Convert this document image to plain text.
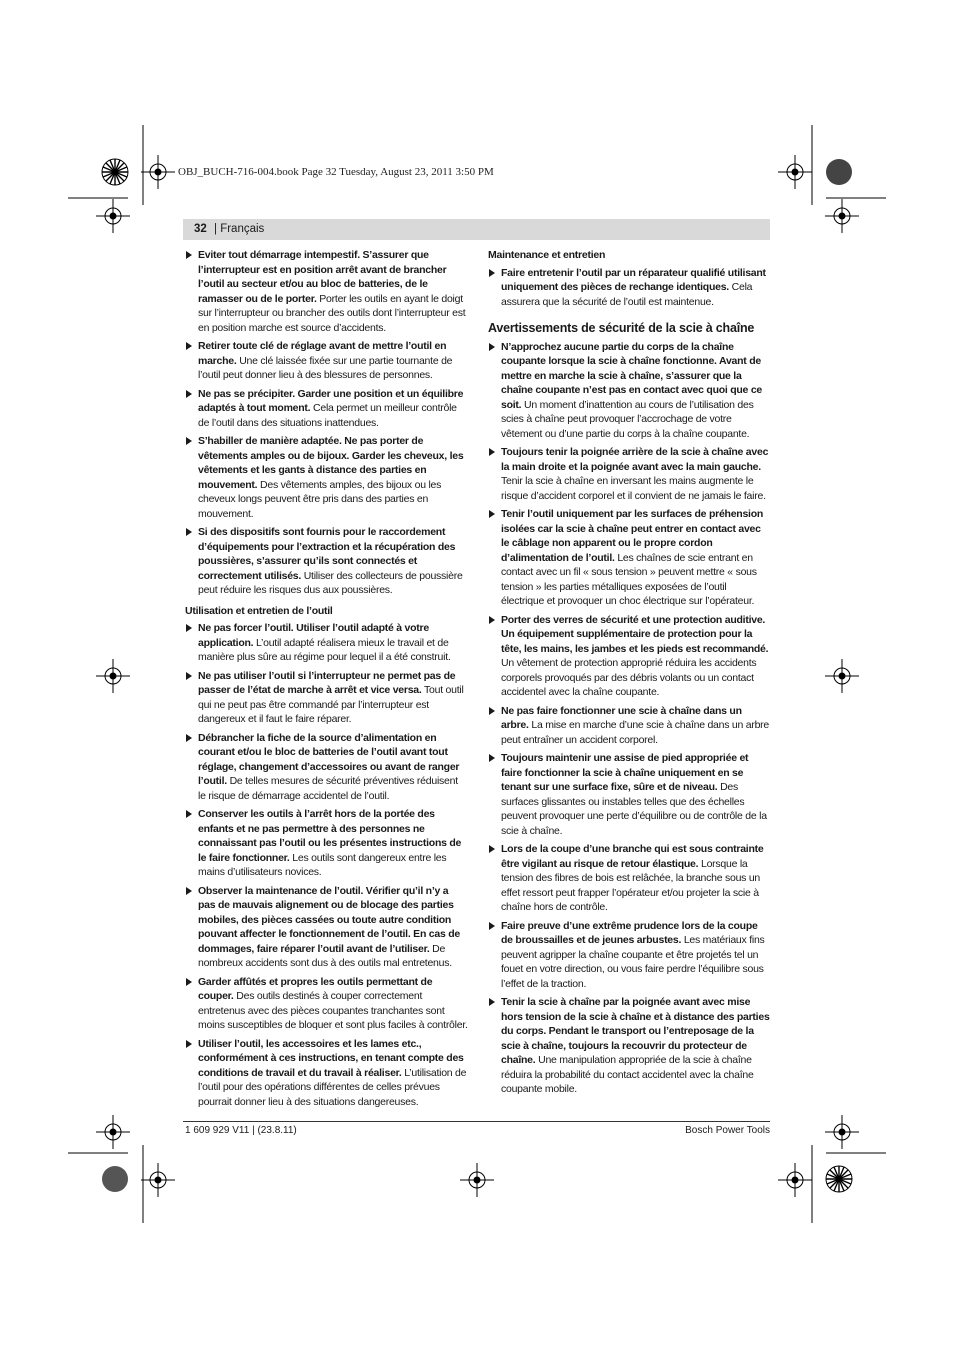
OBJ_BUCH-716-004.book Page 32 Tuesday, August 23, 2011 3:50 PM
32 | Français
Eviter tout démarrage intempestif. S’assurer que l’interrupteur est en position arrêt avant de brancher l’outil au secteur et/ou au bloc de batteries, de le ramasser ou de le porter. Porter les outils en ayant le doigt sur l’interrupteur ou brancher des outils dont l’interrupteur est en position marche est source d’accidents.
Retirer toute clé de réglage avant de mettre l’outil en marche. Une clé laissée fixée sur une partie tournante de l’outil peut donner lieu à des blessures de personnes.
Ne pas se précipiter. Garder une position et un équilibre adaptés à tout moment. Cela permet un meilleur contrôle de l’outil dans des situations inattendues.
S’habiller de manière adaptée. Ne pas porter de vêtements amples ou de bijoux. Garder les cheveux, les vêtements et les gants à distance des parties en mouvement. Des vêtements amples, des bijoux ou les cheveux longs peuvent être pris dans des parties en mouvement.
Si des dispositifs sont fournis pour le raccordement d’équipements pour l’extraction et la récupération des poussières, s’assurer qu’ils sont connectés et correctement utilisés. Utiliser des collecteurs de poussière peut réduire les risques dus aux poussières.
Utilisation et entretien de l’outil
Ne pas forcer l’outil. Utiliser l’outil adapté à votre application. L’outil adapté réalisera mieux le travail et de manière plus sûre au régime pour lequel il a été construit.
Ne pas utiliser l’outil si l’interrupteur ne permet pas de passer de l’état de marche à arrêt et vice versa. Tout outil qui ne peut pas être commandé par l’interrupteur est dangereux et il faut le faire réparer.
Débrancher la fiche de la source d’alimentation en courant et/ou le bloc de batteries de l’outil avant tout réglage, changement d’accessoires ou avant de ranger l’outil. De telles mesures de sécurité préventives réduisent le risque de démarrage accidentel de l’outil.
Conserver les outils à l’arrêt hors de la portée des enfants et ne pas permettre à des personnes ne connaissant pas l’outil ou les présentes instructions de le faire fonctionner. Les outils sont dangereux entre les mains d’utilisateurs novices.
Observer la maintenance de l’outil. Vérifier qu’il n’y a pas de mauvais alignement ou de blocage des parties mobiles, des pièces cassées ou toute autre condition pouvant affecter le fonctionnement de l’outil. En cas de dommages, faire réparer l’outil avant de l’utiliser. De nombreux accidents sont dus à des outils mal entretenus.
Garder affûtés et propres les outils permettant de couper. Des outils destinés à couper correctement entretenus avec des pièces coupantes tranchantes sont moins susceptibles de bloquer et sont plus faciles à contrôler.
Utiliser l’outil, les accessoires et les lames etc., conformément à ces instructions, en tenant compte des conditions de travail et du travail à réaliser. L’utilisation de l’outil pour des opérations différentes de celles prévues pourrait donner lieu à des situations dangereuses.
Maintenance et entretien
Faire entretenir l’outil par un réparateur qualifié utilisant uniquement des pièces de rechange identiques. Cela assurera que la sécurité de l’outil est maintenue.
Avertissements de sécurité de la scie à chaîne
N’approchez aucune partie du corps de la chaîne coupante lorsque la scie à chaîne fonctionne. Avant de mettre en marche la scie à chaîne, s’assurer que la chaîne coupante n’est pas en contact avec quoi que ce soit. Un moment d’inattention au cours de l’utilisation des scies à chaîne peut provoquer l’accrochage de votre vêtement ou d’une partie du corps à la chaîne coupante.
Toujours tenir la poignée arrière de la scie à chaîne avec la main droite et la poignée avant avec la main gauche. Tenir la scie à chaîne en inversant les mains augmente le risque d’accident corporel et il convient de ne jamais le faire.
Tenir l’outil uniquement par les surfaces de préhension isolées car la scie à chaîne peut entrer en contact avec le câblage non apparent ou le propre cordon d’alimentation de l’outil. Les chaînes de scie entrant en contact avec un fil « sous tension » peuvent mettre « sous tension » les parties métalliques exposées de l’outil électrique et provoquer un choc électrique sur l’opérateur.
Porter des verres de sécurité et une protection auditive. Un équipement supplémentaire de protection pour la tête, les mains, les jambes et les pieds est recommandé. Un vêtement de protection approprié réduira les accidents corporels provoqués par des débris volants ou un contact accidentel avec la chaîne coupante.
Ne pas faire fonctionner une scie à chaîne dans un arbre. La mise en marche d’une scie à chaîne dans un arbre peut entraîner un accident corporel.
Toujours maintenir une assise de pied appropriée et faire fonctionner la scie à chaîne uniquement en se tenant sur une surface fixe, sûre et de niveau. Des surfaces glissantes ou instables telles que des échelles peuvent provoquer une perte d’équilibre ou de contrôle de la scie à chaîne.
Lors de la coupe d’une branche qui est sous contrainte être vigilant au risque de retour élastique. Lorsque la tension des fibres de bois est relâchée, la branche sous un effet ressort peut frapper l’opérateur et/ou projeter la scie à chaîne hors de contrôle.
Faire preuve d’une extrême prudence lors de la coupe de broussailles et de jeunes arbustes. Les matériaux fins peuvent agripper la chaîne coupante et être projetés tel un fouet en votre direction, ou vous faire perdre l’équilibre sous l’effet de la traction.
Tenir la scie à chaîne par la poignée avant avec mise hors tension de la scie à chaîne et à distance des parties du corps. Pendant le transport ou l’entreposage de la scie à chaîne, toujours la recouvrir du protecteur de chaîne. Une manipulation appropriée de la scie à chaîne réduira la probabilité du contact accidentel avec la chaîne coupante mobile.
1 609 929 V11 | (23.8.11)	Bosch Power Tools
